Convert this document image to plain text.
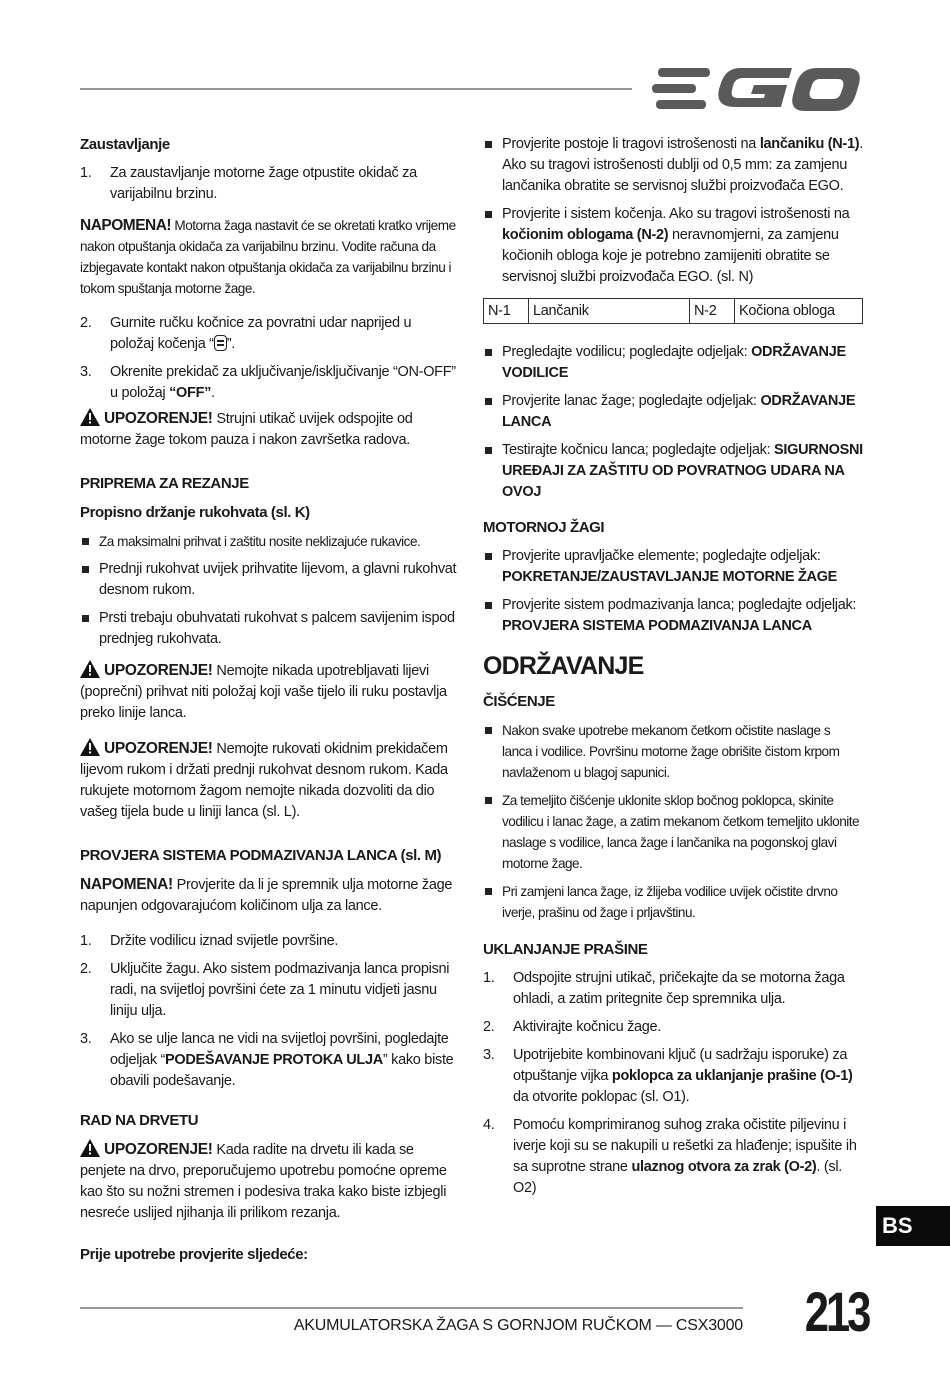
Zaustavljanje
1. Za zaustavljanje motorne žage otpustite okidač za varijabilnu brzinu.

NAPOMENA! Motorna žaga nastavit će se okretati kratko vrijeme nakon otpuštanja okidača za varijabilnu brzinu. Vodite računa da izbjegavate kontakt nakon otpuštanja okidača za varijabilnu brzinu i tokom spuštanja motorne žage.

2. Gurnite ručku kočnice za povratni udar naprijed u položaj kočenja “ ”.
3. Okrenite prekidač za uključivanje/isključivanje “ON-OFF” u položaj “OFF”.

UPOZORENJE! Strujni utikač uvijek odspojite od motorne žage tokom pauza i nakon završetka radova.

PRIPREMA ZA REZANJE
Propisno držanje rukohvata (sl. K)
Za maksimalni prihvat i zaštitu nosite neklizajuće rukavice.
Prednji rukohvat uvijek prihvatite lijevom, a glavni rukohvat desnom rukom.
Prsti trebaju obuhvatati rukohvat s palcem savijenim ispod prednjeg rukohvata.

UPOZORENJE! Nemojte nikada upotrebljavati lijevi (poprečni) prihvat niti položaj koji vaše tijelo ili ruku postavlja preko linije lanca.

UPOZORENJE! Nemojte rukovati okidnim prekidačem lijevom rukom i držati prednji rukohvat desnom rukom. Kada rukujete motornom žagom nemojte nikada dozvoliti da dio vašeg tijela bude u liniji lanca (sl. L).

PROVJERA SISTEMA PODMAZIVANJA LANCA (sl. M)

NAPOMENA! Provjerite da li je spremnik ulja motorne žage napunjen odgovarajućom količinom ulja za lance.

1. Držite vodilicu iznad svijetle površine.
2. Uključite žagu. Ako sistem podmazivanja lanca propisni radi, na svijetloj površini ćete za 1 minutu vidjeti jasnu liniju ulja.
3. Ako se ulje lanca ne vidi na svijetloj površini, pogledajte odjeljak “PODEŠAVANJE PROTOKA ULJA” kako biste obavili podešavanje.
RAD NA DRVETU

UPOZORENJE! Kada radite na drvetu ili kada se penjete na drvo, preporučujemo upotrebu pomoćne opreme kao što su nožni stremen i podesiva traka kako biste izbjegli nesreće uslijed njihanja ili prilikom rezanja.

Prije upotrebe provjerite sljedeće:
Provjerite postoje li tragovi istrošenosti na lančaniku (N-1). Ako su tragovi istrošenosti dublji od 0,5 mm: za zamjenu lančanika obratite se servisnoj službi proizvođača EGO.
Provjerite i sistem kočenja. Ako su tragovi istrošenosti na kočionim oblogama (N-2) neravnomjerni, za zamjenu kočionih obloga koje je potrebno zamijeniti obratite se servisnoj službi proizvođača EGO. (sl. N)
N-1	Lančanik	N-2	Kočiona obloga
Pregledajte vodilicu; pogledajte odjeljak: ODRŽAVANJE VODILICE
Provjerite lanac žage; pogledajte odjeljak: ODRŽAVANJE LANCA
Testirajte kočnicu lanca; pogledajte odjeljak: SIGURNOSNI UREĐAJI ZA ZAŠTITU OD POVRATNOG UDARA NA OVOJ
MOTORNOJ ŽAGI
Provjerite upravljačke elemente; pogledajte odjeljak: POKRETANJE/ZAUSTAVLJANJE MOTORNE ŽAGE
Provjerite sistem podmazivanja lanca; pogledajte odjeljak: PROVJERA SISTEMA PODMAZIVANJA LANCA
ODRŽAVANJE
ČIŠĆENJE
Nakon svake upotrebe mekanom četkom očistite naslage s lanca i vodilice. Površinu motorne žage obrišite čistom krpom navlaženom u blagoj sapunici.
Za temeljito čišćenje uklonite sklop bočnog poklopca, skinite vodilicu i lanac žage, a zatim mekanom četkom temeljito uklonite naslage s vodilice, lanca žage i lančanika na pogonskoj glavi motorne žage.
Pri zamjeni lanca žage, iz žlijeba vodilice uvijek očistite drvno iverje, prašinu od žage i prljavštinu.
UKLANJANJE PRAŠINE
1. Odspojite strujni utikač, pričekajte da se motorna žaga ohladi, a zatim pritegnite čep spremnika ulja.
2. Aktivirajte kočnicu žage.
3. Upotrijebite kombinovani ključ (u sadržaju isporuke) za otpuštanje vijka poklopca za uklanjanje prašine (O-1) da otvorite poklopac (sl. O1).
4. Pomoću komprimiranog suhog zraka očistite piljevinu i iverje koji su se nakupili u rešetki za hlađenje; ispušite ih sa suprotne strane ulaznog otvora za zrak (O-2). (sl. O2)
BS
AKUMULATORSKA ŽAGA S GORNJOM RUČKOM — CSX3000 213
